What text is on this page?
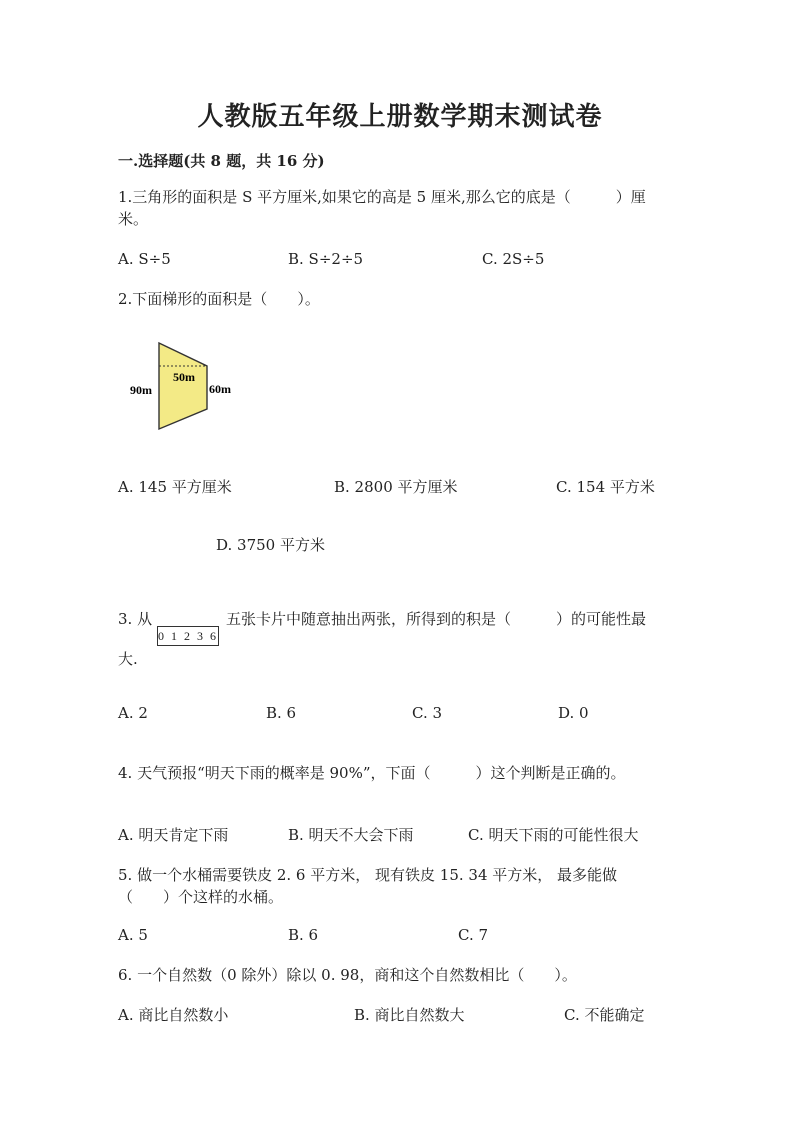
人教版五年级上册数学期末测试卷
一.选择题(共 8 题，共 16 分)
1.三角形的面积是 S 平方厘米,如果它的高是 5 厘米,那么它的底是（　　　）厘
米。
A. S÷5	B. S÷2÷5	C. 2S÷5
2.下面梯形的面积是（　　）。
50m
90m	60m
A. 145 平方厘米	B. 2800 平方厘米	C. 154 平方米
D. 3750 平方米
3. 从
0 1 2 3 6
五张卡片中随意抽出两张，所得到的积是（　　　）的可能性最
大.
A. 2	B. 6	C. 3	D. 0
4. 天气预报“明天下雨的概率是 90%”，下面（　　　）这个判断是正确的。
A. 明天肯定下雨	B. 明天不大会下雨	C. 明天下雨的可能性很大
5. 做一个水桶需要铁皮 2. 6 平方米， 现有铁皮 15. 34 平方米， 最多能做
（　　）个这样的水桶。
A. 5	B. 6	C. 7
6. 一个自然数（0 除外）除以 0. 98，商和这个自然数相比（　　）。
A. 商比自然数小	B. 商比自然数大	C. 不能确定
